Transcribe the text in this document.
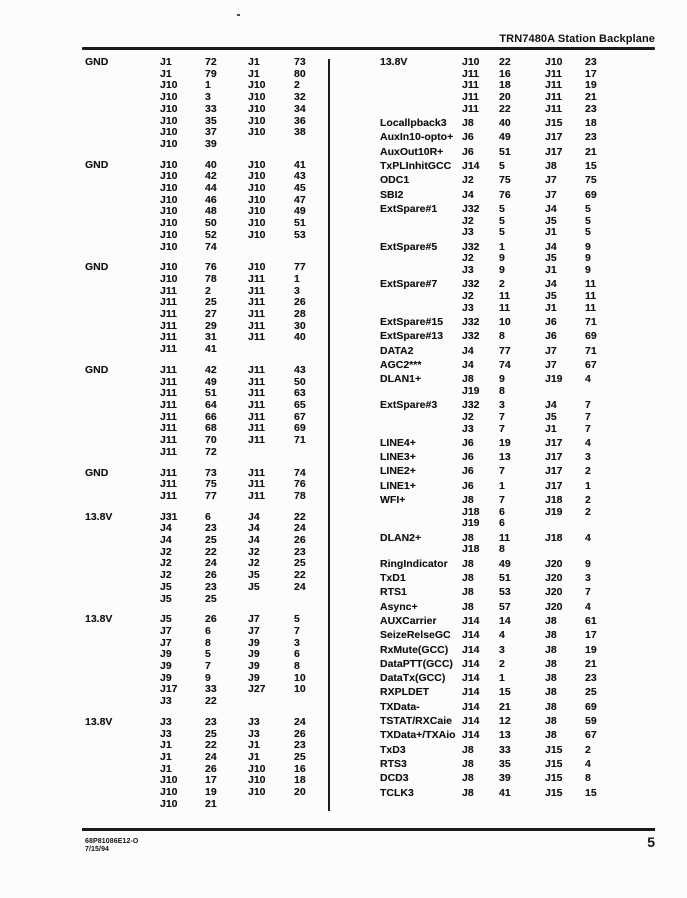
TRN7480A Station Backplane
GND	J1	72	J1	73
J1	79	J1	80
J10	1	J10	2
J10	3	J10	32
J10	33	J10	34
J10	35	J10	36
J10	37	J10	38
J10	39
GND	J10	40	J10	41
J10	42	J10	43
J10	44	J10	45
J10	46	J10	47
J10	48	J10	49
J10	50	J10	51
J10	52	J10	53
J10	74
GND	J10	76	J10	77
J10	78	J11	1
J11	2	J11	3
J11	25	J11	26
J11	27	J11	28
J11	29	J11	30
J11	31	J11	40
J11	41
GND	J11	42	J11	43
J11	49	J11	50
J11	51	J11	63
J11	64	J11	65
J11	66	J11	67
J11	68	J11	69
J11	70	J11	71
J11	72
GND	J11	73	J11	74
J11	75	J11	76
J11	77	J11	78
13.8V	J31	6	J4	22
J4	23	J4	24
J4	25	J4	26
J2	22	J2	23
J2	24	J2	25
J2	26	J5	22
J5	23	J5	24
J5	25
13.8V	J5	26	J7	5
J7	6	J7	7
J7	8	J9	3
J9	5	J9	6
J9	7	J9	8
J9	9	J9	10
J17	33	J27	10
J3	22
13.8V	J3	23	J3	24
J3	25	J3	26
J1	22	J1	23
J1	24	J1	25
J1	26	J10	16
J10	17	J10	18
J10	19	J10	20
J10	21
13.8V	J10	22	J10	23
J11	16	J11	17
J11	18	J11	19
J11	20	J11	21
J11	22	J11	23
Locallpback3	J8	40	J15	18
AuxIn10-opto+ J6	49	J17	23
AuxOut10R+	J6	51	J17	21
TxPLInhitGCC	J14	5	J8	15
ODC1	J2	75	J7	75
SBI2	J4	76	J7	69
ExtSpare#1	J32	5	J4	5
J2	5	J5	5
J3	5	J1	5
ExtSpare#5	J32	1	J4	9
J2	9	J5	9
J3	9	J1	9
ExtSpare#7	J32	2	J4	11
J2	11	J5	11
J3	11	J1	11
ExtSpare#15	J32	10	J6	71
ExtSpare#13	J32	8	J6	69
DATA2	J4	77	J7	71
AGC2***	J4	74	J7	67
DLAN1+	J8	9	J19	4
J19	8
ExtSpare#3	J32	3	J4	7
J2	7	J5	7
J3	7	J1	7
LINE4+	J6	19	J17	4
LINE3+	J6	13	J17	3
LINE2+	J6	7	J17	2
LINE1+	J6	1	J17	1
WFI+	J8	7	J18	2
J18	6	J19	2
J19	6
DLAN2+	J8	11	J18	4
J18	8
RingIndicator	J8	49	J20	9
TxD1	J8	51	J20	3
RTS1	J8	53	J20	7
Async+	J8	57	J20	4
AUXCarrier	J14	14	J8	61
SeizeRelseGC	J14	4	J8	17
RxMute(GCC)	J14	3	J8	19
DataPTT(GCC) J14	2	J8	21
DataTx(GCC)	J14	1	J8	23
RXPLDET	J14	15	J8	25
TXData-	J14	21	J8	69
TSTAT/RXCaie J14	12	J8	59
TXData+/TXAio J14	13	J8	67
TxD3	J8	33	J15	2
RTS3	J8	35	J15	4
DCD3	J8	39	J15	8
TCLK3	J8	41	J15	15
68P81086E12-O
7/15/94	5
